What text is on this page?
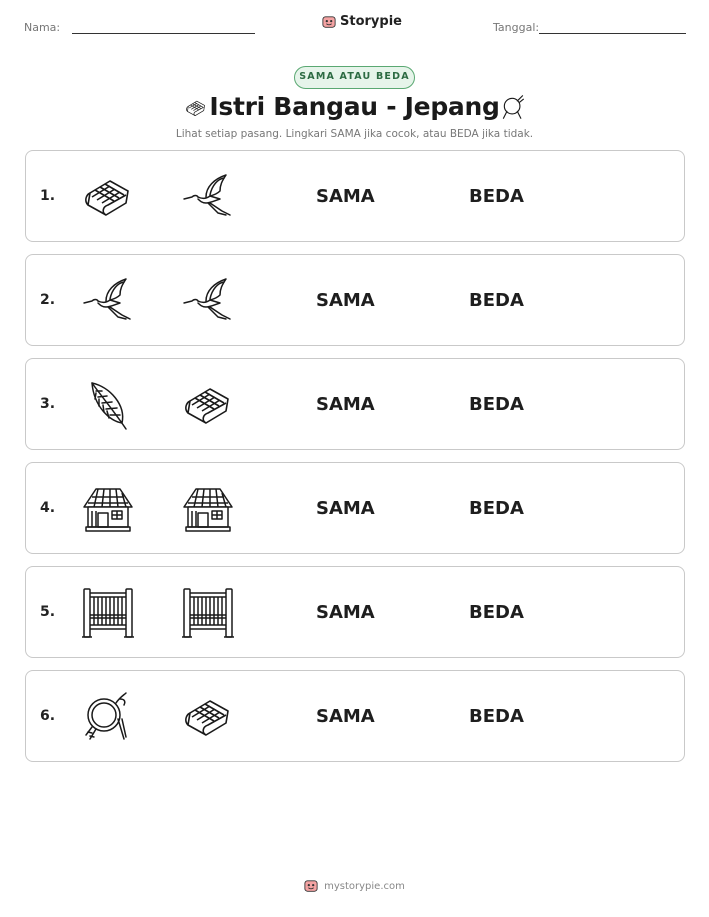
Nama:	Storypie	Tanggal:
SAMA ATAU BEDA
Istri Bangau - Jepang
Lihat setiap pasang. Lingkari SAMA jika cocok, atau BEDA jika tidak.
1.	SAMA	BEDA
2.	SAMA	BEDA
3.	SAMA	BEDA
4.	SAMA	BEDA
5.	SAMA	BEDA
6.	SAMA	BEDA
mystorypie.com
